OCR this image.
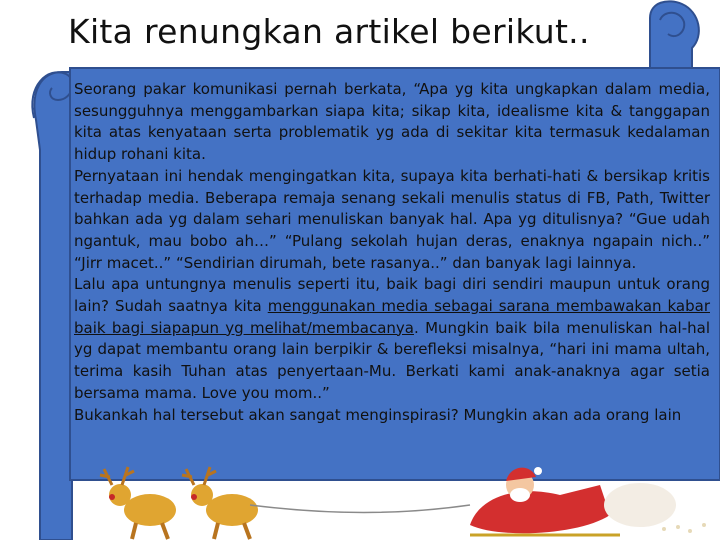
Kita renungkan artikel berikut..

Seorang pakar komunikasi pernah berkata, “Apa yg kita ungkapkan dalam media, sesungguhnya menggambarkan siapa kita; sikap kita, idealisme kita & tanggapan kita atas kenyataan serta problematik yg ada di sekitar kita termasuk kedalaman hidup rohani kita.

Pernyataan ini hendak mengingatkan kita, supaya kita berhati-hati & bersikap kritis terhadap media. Beberapa remaja senang sekali menulis status di FB, Path, Twitter bahkan ada yg dalam sehari menuliskan banyak hal. Apa yg ditulisnya? “Gue udah ngantuk, mau bobo ah…” “Pulang sekolah hujan deras, enaknya ngapain nich..” “Jirr macet..” “Sendirian dirumah, bete rasanya..” dan banyak lagi lainnya.

Lalu apa untungnya menulis seperti itu, baik bagi diri sendiri maupun untuk orang lain? Sudah saatnya kita menggunakan media sebagai sarana membawakan kabar baik bagi siapapun yg melihat/membacanya. Mungkin baik bila menuliskan hal-hal yg dapat membantu orang lain berpikir & berefleksi misalnya, “hari ini mama ultah, terima kasih Tuhan atas penyertaan-Mu. Berkati kami anak-anaknya agar setia bersama mama. Love you mom..”

Bukankah hal tersebut akan sangat menginspirasi? Mungkin akan ada orang lain
